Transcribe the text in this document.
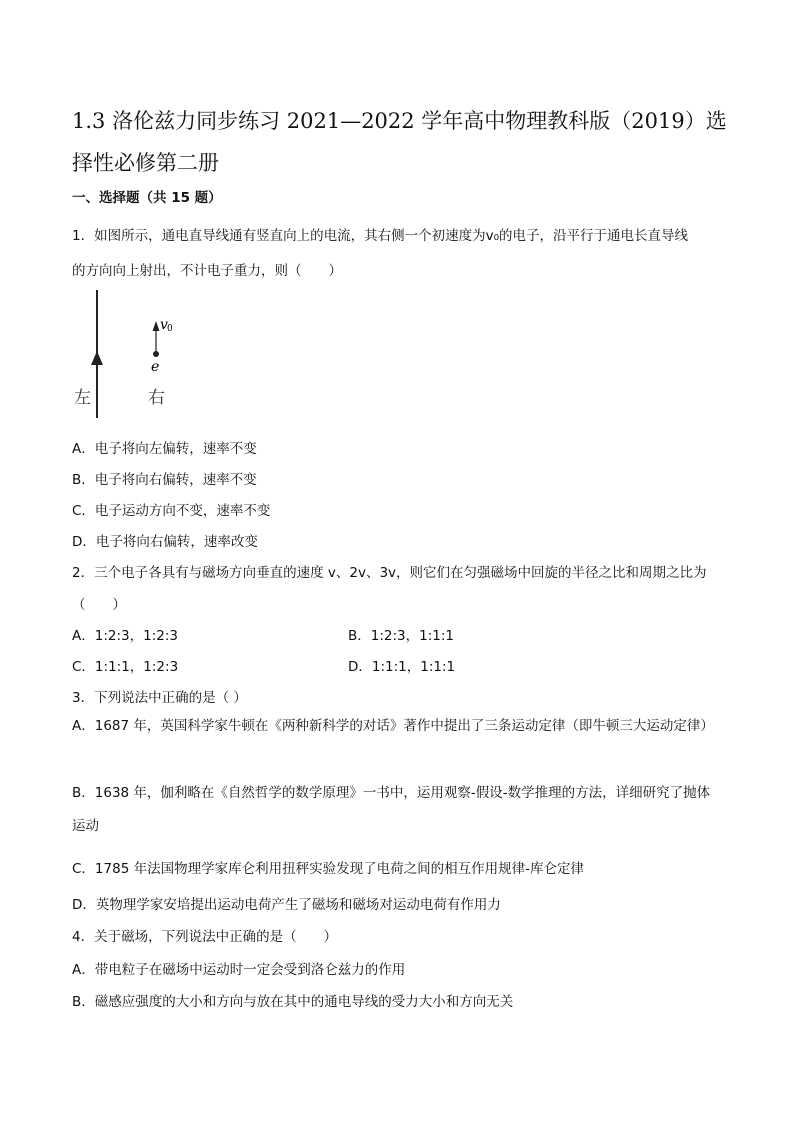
1.3 洛伦兹力同步练习 2021—2022 学年高中物理教科版（2019）选择性必修第二册
一、选择题（共 15 题）
1．如图所示，通电直导线通有竖直向上的电流，其右侧一个初速度为v₀的电子，沿平行于通电长直导线
的方向向上射出，不计电子重力，则（　　）
v 0
e
左	右
A．电子将向左偏转，速率不变
B．电子将向右偏转，速率不变
C．电子运动方向不变，速率不变
D．电子将向右偏转，速率改变
2．三个电子各具有与磁场方向垂直的速度 v、2v、3v，则它们在匀强磁场中回旋的半径之比和周期之比为
（　　）
A．1:2:3，1:2:3	B．1:2:3，1:1:1
C．1:1:1，1:2:3	D．1:1:1，1:1:1
3．下列说法中正确的是（ ）
A．1687 年，英国科学家牛顿在《两种新科学的对话》著作中提出了三条运动定律（即牛顿三大运动定律）
B．1638 年，伽利略在《自然哲学的数学原理》一书中，运用观察-假设-数学推理的方法，详细研究了抛体运动
C．1785 年法国物理学家库仑利用扭秤实验发现了电荷之间的相互作用规律-库仑定律
D．英物理学家安培提出运动电荷产生了磁场和磁场对运动电荷有作用力
4．关于磁场，下列说法中正确的是（　　）
A．带电粒子在磁场中运动时一定会受到洛仑兹力的作用
B．磁感应强度的大小和方向与放在其中的通电导线的受力大小和方向无关
